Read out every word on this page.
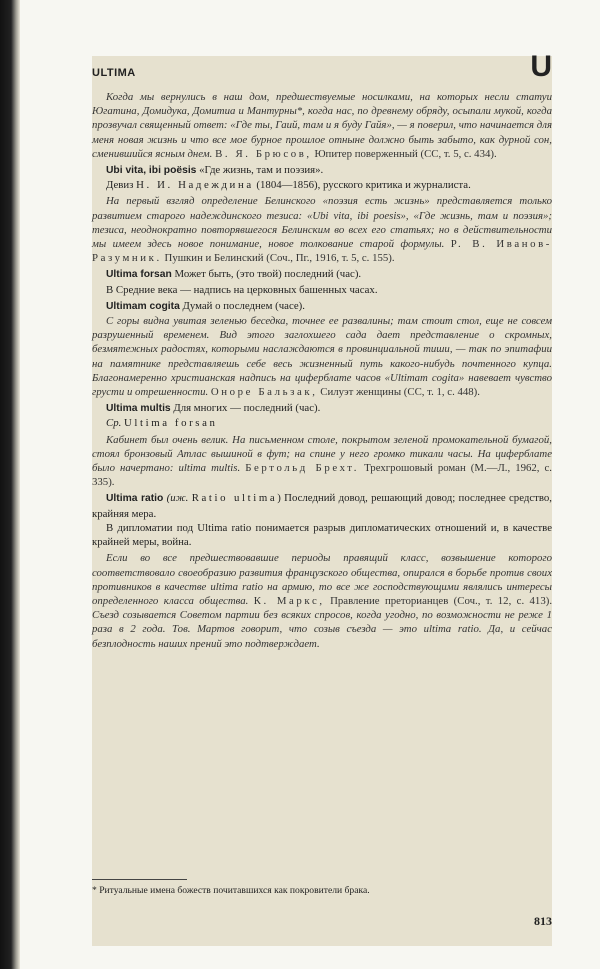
ULTIMA	U

Когда мы вернулись в наш дом, предшествуемые носилками, на которых несли статуи Югатина, Домидука, Домитиа и Мантурны*, когда нас, по древнему обряду, осыпали мукой, когда прозвучал священный ответ: «Где ты, Гаий, там и я буду Гайя», — я поверил, что начинается для меня новая жизнь и что все мое бурное прошлое отныне должно быть забыто, как дурной сон, сменившийся ясным днем. В. Я. Брюсов, Юпитер поверженный (СС, т. 5, с. 434).

Ubi vita, ibi poësis «Где жизнь, там и поэзия».

Девиз Н. И. Надеждина (1804—1856), русского критика и журналиста.

На первый взгляд определение Белинского «поэзия есть жизнь» представляется только развитием старого надеждинского тезиса: «Ubi vita, ibi poesis», «Где жизнь, там и поэзия»; тезиса, неоднократно повторявшегося Белинским во всех его статьях; но в действительности мы имеем здесь новое понимание, новое толкование старой формулы. Р. В. Иванов-Разумник. Пушкин и Белинский (Соч., Пг., 1916, т. 5, с. 155).

Ultima forsan Может быть, (это твой) последний (час).

В Средние века — надпись на церковных башенных часах.

Ultimam cogita Думай о последнем (часе).

С горы видна увитая зеленью беседка, точнее ее развалины; там стоит стол, еще не совсем разрушенный временем. Вид этого заглохшего сада дает представление о скромных, безмятежных радостях, которыми наслаждаются в провинциальной тиши, — так по эпитафии на памятнике представляешь себе весь жизненный путь какого-нибудь почтенного купца. Благонамеренно христианская надпись на циферблате часов «Ultimam cogita» навевает чувство грусти и отрешенности. Оноре Бальзак, Силуэт женщины (СС, т. 1, с. 448).

Ultima multis Для многих — последний (час).

Ср. Ultima forsan

Кабинет был очень велик. На письменном столе, покрытом зеленой промокательной бумагой, стоял бронзовый Атлас вышиной в фут; на спине у него громко тикали часы. На циферблате было начертано: ultima multis. Бертольд Брехт. Трехгрошовый роман (М.—Л., 1962, с. 335).

Ultima ratio (иж. Ratio ultima) Последний довод, решающий довод; последнее средство, крайняя мера.

В дипломатии под Ultima ratio понимается разрыв дипломатических отношений и, в качестве крайней меры, война.

Если во все предшествовавшие периоды правящий класс, возвышение которого соответствовало своеобразию развития французского общества, опирался в борьбе против своих противников в качестве ultima ratio на армию, то все же господствующими являлись интересы определенного класса общества. К. Маркс, Правление преторианцев (Соч., т. 12, с. 413). Съезд созывается Советом партии без всяких спросов, когда угодно, по возможности не реже 1 раза в 2 года. Тов. Мартов говорит, что созыв съезда — это ultima ratio. Да, и сейчас безплодность наших прений это подтверждает.

* Ритуальные имена божеств почитавшихся как покровители брака.

813
